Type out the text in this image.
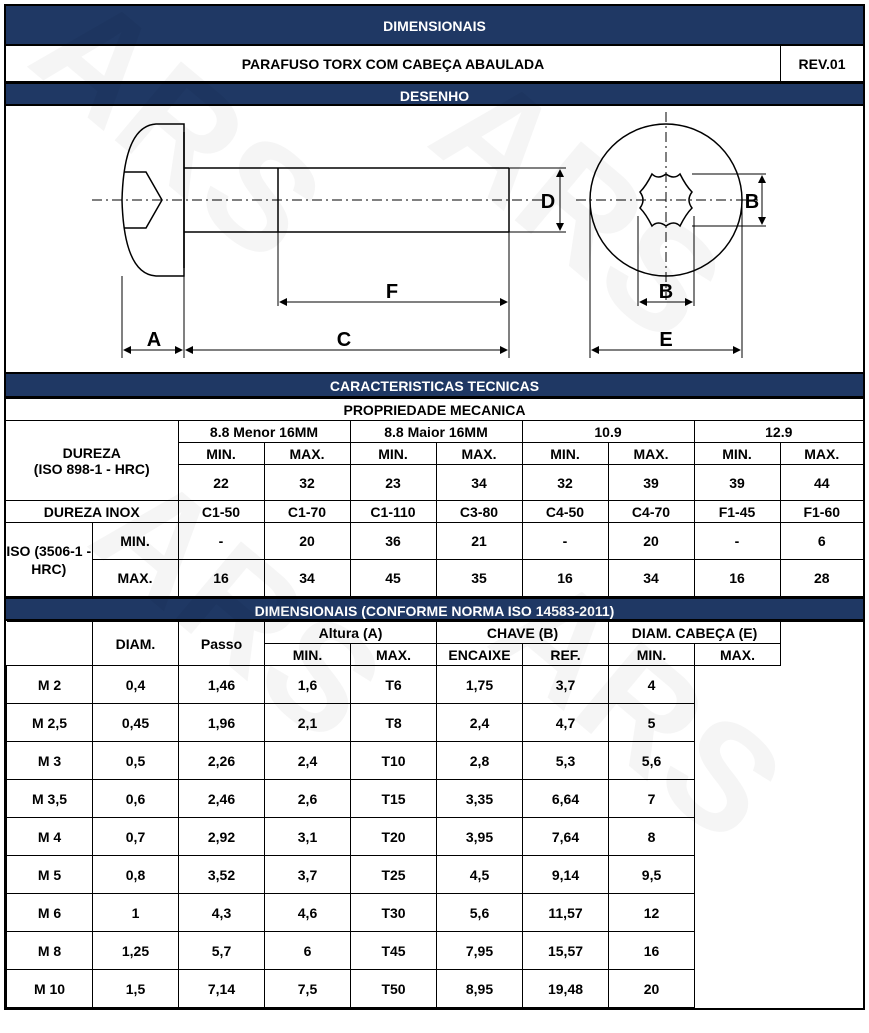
DIMENSIONAIS
PARAFUSO TORX COM CABEÇA ABAULADA	REV.01
DESENHO
A	C
F
D	B
B
E
CARACTERISTICAS TECNICAS
PROPRIEDADE MECANICA									
DUREZA
(ISO 898-1 - HRC)		8.8 Menor 16MM		8.8 Maior 16MM		10.9		12.9	
		MIN.	MAX.	MIN.	MAX.	MIN.	MAX.	MIN.	MAX.
		22	32	23	34	32	39	39	44
DUREZA INOX		C1-50	C1-70	C1-110	C3-80	C4-50	C4-70	F1-45	F1-60
ISO (3506-1 - HRC)	MIN.	-	20	36	21	-	20	-	6
	MAX.	16	34	45	35	16	34	16	28
DIMENSIONAIS (CONFORME NORMA ISO 14583-2011)
	DIAM.	Passo	Altura (A)		CHAVE (B)		DIAM. CABEÇA (E)		
			MIN.	MAX.	ENCAIXE	REF.	MIN.	MAX.	
M 2	0,4	1,46	1,6	T6	1,75	3,7	4		
M 2,5	0,45	1,96	2,1	T8	2,4	4,7	5		
M 3	0,5	2,26	2,4	T10	2,8	5,3	5,6		
M 3,5	0,6	2,46	2,6	T15	3,35	6,64	7		
M 4	0,7	2,92	3,1	T20	3,95	7,64	8		
M 5	0,8	3,52	3,7	T25	4,5	9,14	9,5		
M 6	1	4,3	4,6	T30	5,6	11,57	12		
M 8	1,25	5,7	6	T45	7,95	15,57	16		
M 10	1,5	7,14	7,5	T50	8,95	19,48	20		
